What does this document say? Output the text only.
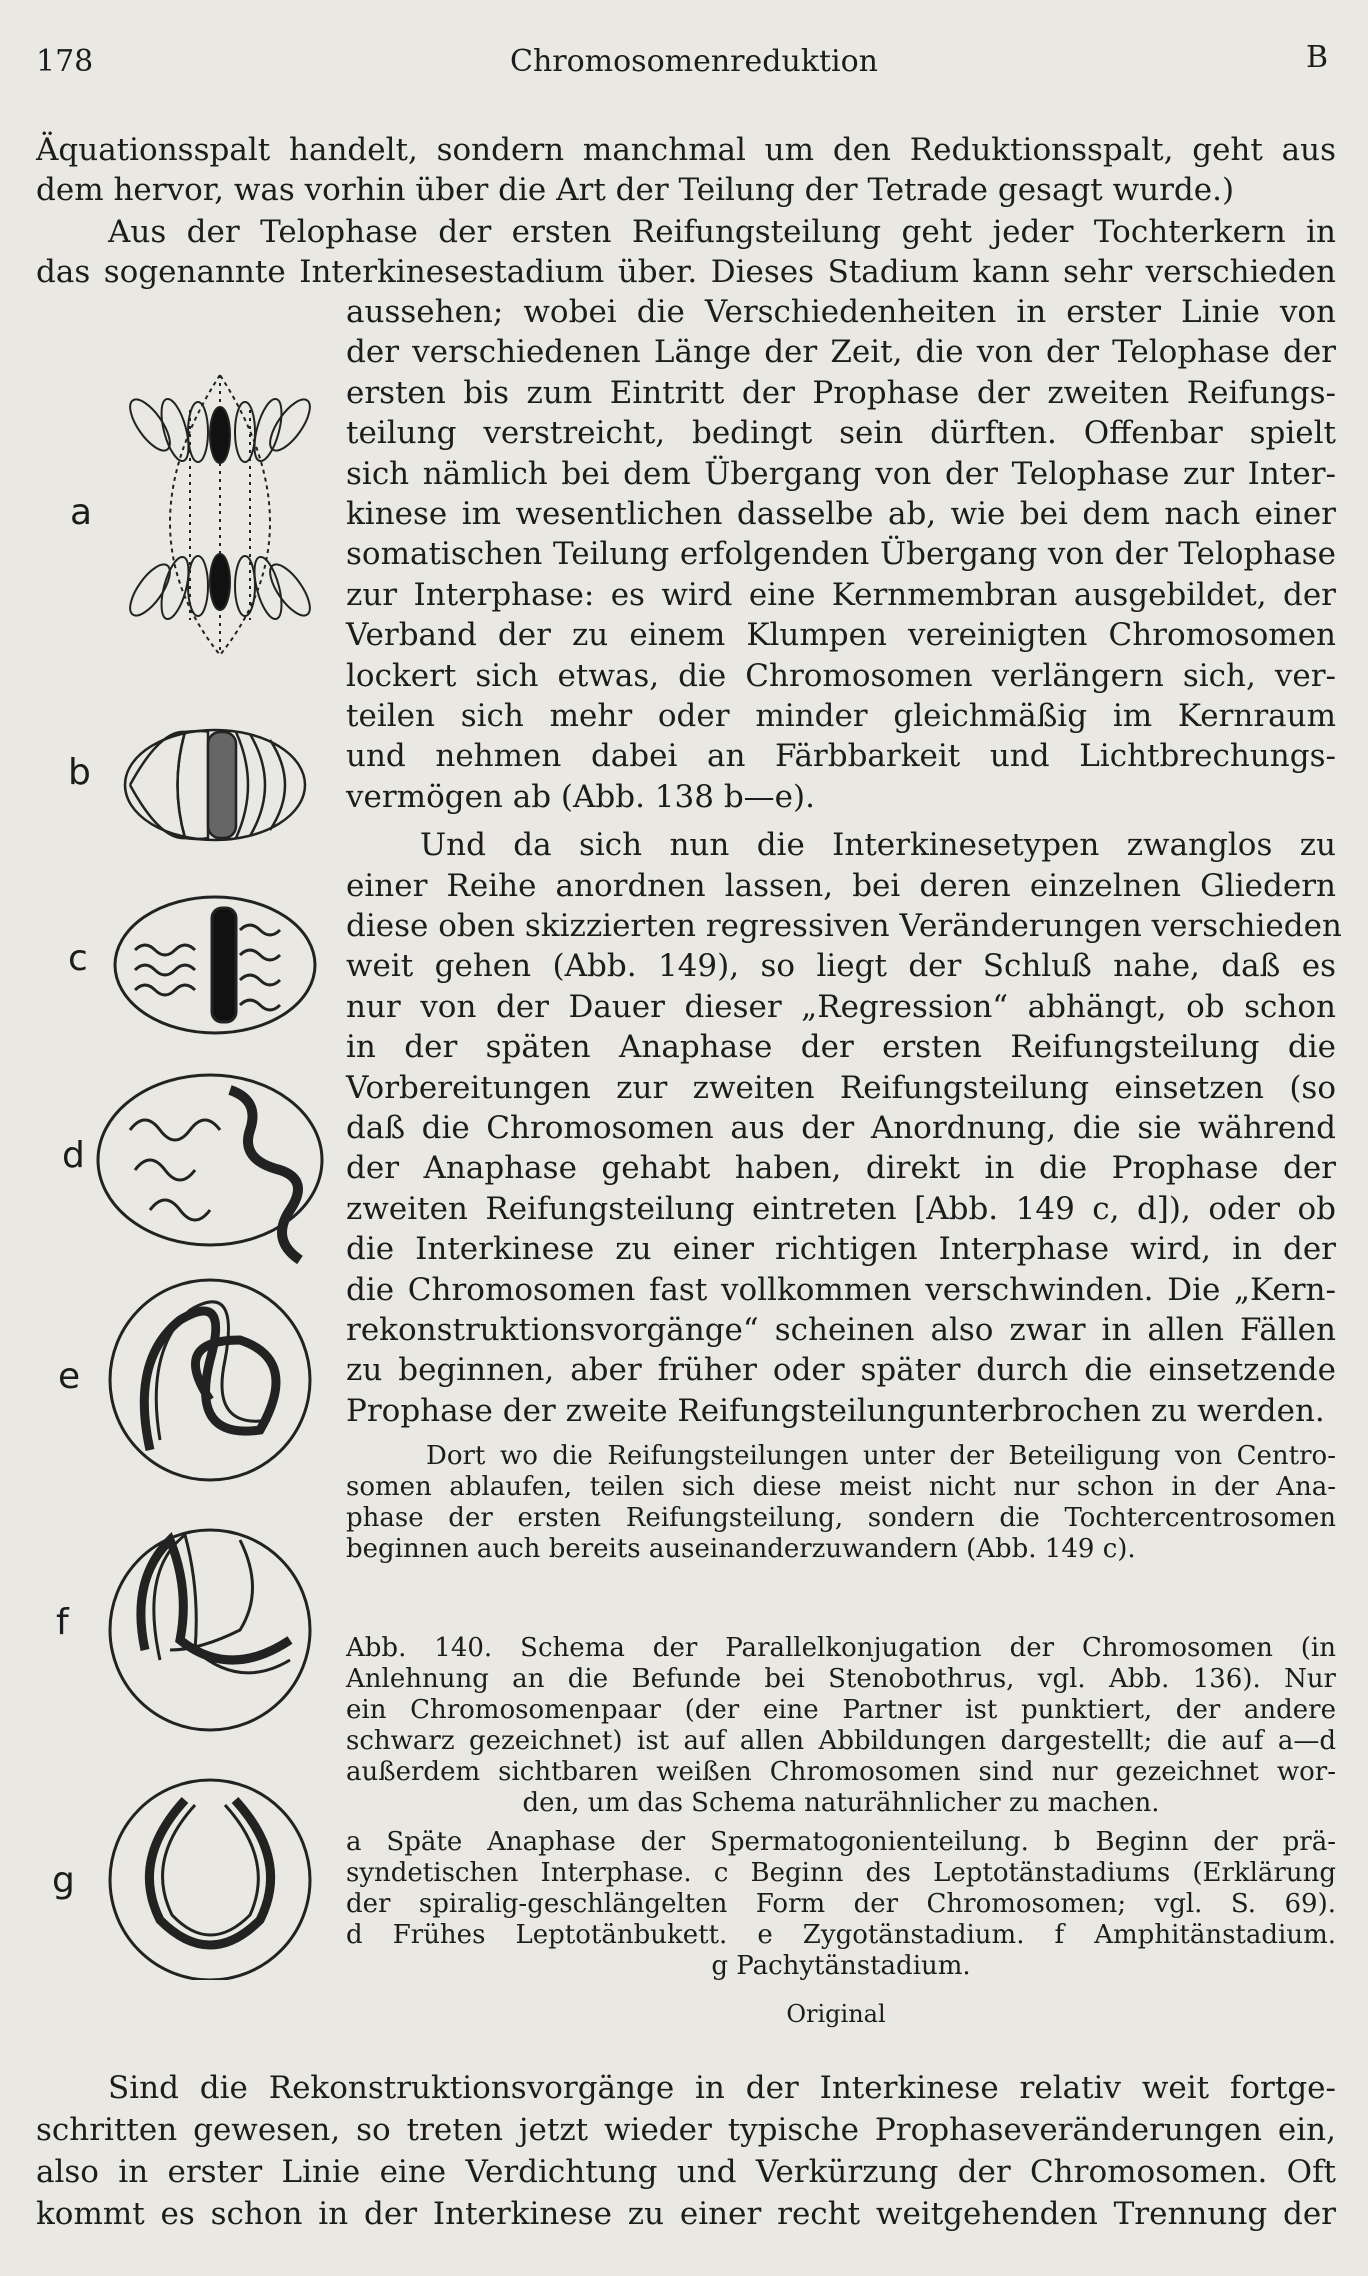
178	Chromosomenreduktion	B
Äquationsspalt handelt, sondern manchmal um den Reduktionsspalt, geht aus
dem hervor, was vorhin über die Art der Teilung der Tetrade gesagt wurde.)
Aus der Telophase der ersten Reifungsteilung geht jeder Tochterkern in
das sogenannte Interkinesestadium über. Dieses Stadium kann sehr verschieden
aussehen; wobei die Verschiedenheiten in erster Linie von
der verschiedenen Länge der Zeit, die von der Telophase der
ersten bis zum Eintritt der Prophase der zweiten Reifungs-
teilung verstreicht, bedingt sein dürften. Offenbar spielt
sich nämlich bei dem Übergang von der Telophase zur Inter-
kinese im wesentlichen dasselbe ab, wie bei dem nach einer
somatischen Teilung erfolgenden Übergang von der Telophase
zur Interphase: es wird eine Kernmembran ausgebildet, der
Verband der zu einem Klumpen vereinigten Chromosomen
lockert sich etwas, die Chromosomen verlängern sich, ver-
teilen sich mehr oder minder gleichmäßig im Kernraum
und nehmen dabei an Färbbarkeit und Lichtbrechungs-
vermögen ab (Abb. 138 b—e).
Und da sich nun die Interkinesetypen zwanglos zu
einer Reihe anordnen lassen, bei deren einzelnen Gliedern
diese oben skizzierten regressiven Veränderungen verschieden
weit gehen (Abb. 149), so liegt der Schluß nahe, daß es
nur von der Dauer dieser „Regression“ abhängt, ob schon
in der späten Anaphase der ersten Reifungsteilung die
Vorbereitungen zur zweiten Reifungsteilung einsetzen (so
daß die Chromosomen aus der Anordnung, die sie während
der Anaphase gehabt haben, direkt in die Prophase der
zweiten Reifungsteilung eintreten [Abb. 149 c, d]), oder ob
die Interkinese zu einer richtigen Interphase wird, in der
die Chromosomen fast vollkommen verschwinden. Die „Kern-
rekonstruktionsvorgänge“ scheinen also zwar in allen Fällen
zu beginnen, aber früher oder später durch die einsetzende
Prophase der zweite Reifungsteilungunterbrochen zu werden.
a
b
c
d
e
f
g
Dort wo die Reifungsteilungen unter der Beteiligung von Centro-
somen ablaufen, teilen sich diese meist nicht nur schon in der Ana-
phase der ersten Reifungsteilung, sondern die Tochtercentrosomen
beginnen auch bereits auseinanderzuwandern (Abb. 149 c).
Abb. 140. Schema der Parallelkonjugation der Chromosomen (in
Anlehnung an die Befunde bei Stenobothrus, vgl. Abb. 136). Nur
ein Chromosomenpaar (der eine Partner ist punktiert, der andere
schwarz gezeichnet) ist auf allen Abbildungen dargestellt; die auf a—d
außerdem sichtbaren weißen Chromosomen sind nur gezeichnet wor-
den, um das Schema naturähnlicher zu machen.
a Späte Anaphase der Spermatogonienteilung. b Beginn der prä-
syndetischen Interphase. c Beginn des Leptotänstadiums (Erklärung
der spiralig-geschlängelten Form der Chromosomen; vgl. S. 69).
d Frühes Leptotänbukett. e Zygotänstadium. f Amphitänstadium.
g Pachytänstadium.
Original
Sind die Rekonstruktionsvorgänge in der Interkinese relativ weit fortge-
schritten gewesen, so treten jetzt wieder typische Prophaseveränderungen ein,
also in erster Linie eine Verdichtung und Verkürzung der Chromosomen. Oft
kommt es schon in der Interkinese zu einer recht weitgehenden Trennung der
